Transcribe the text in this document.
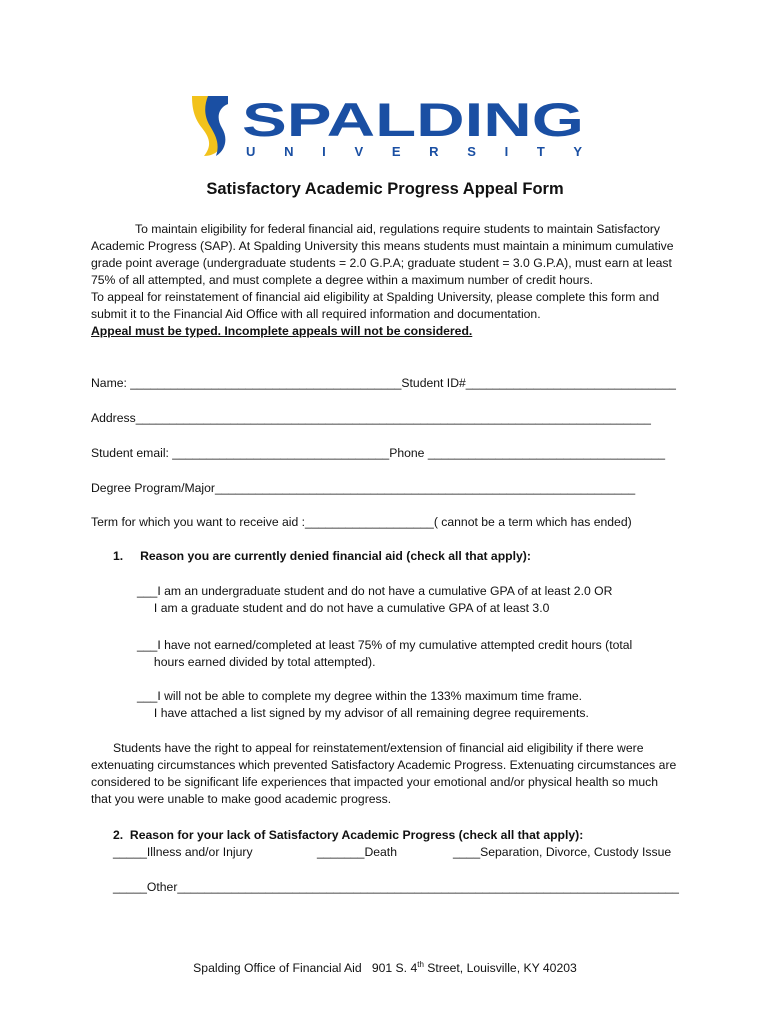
SPALDING
U N I V E R S I T Y
Satisfactory Academic Progress Appeal Form
To maintain eligibility for federal financial aid, regulations require students to maintain Satisfactory Academic Progress (SAP). At Spalding University this means students must maintain a minimum cumulative grade point average (undergraduate students = 2.0 G.P.A; graduate student = 3.0 G.P.A), must earn at least 75% of all attempted, and must complete a degree within a maximum number of credit hours.
To appeal for reinstatement of financial aid eligibility at Spalding University, please complete this form and submit it to the Financial Aid Office with all required information and documentation.
Appeal must be typed. Incomplete appeals will not be considered.
Name: ________________________________________Student ID#_______________________________
Address____________________________________________________________________________
Student email: ________________________________Phone ___________________________________
Degree Program/Major______________________________________________________________
Term for which you want to receive aid :___________________( cannot be a term which has ended)
1.     Reason you are currently denied financial aid (check all that apply):
___I am an undergraduate student and do not have a cumulative GPA of at least 2.0 OR
I am a graduate student and do not have a cumulative GPA of at least 3.0
___I have not earned/completed at least 75% of my cumulative attempted credit hours (total
hours earned divided by total attempted).
___I will not be able to complete my degree within the 133% maximum time frame.
I have attached a list signed by my advisor of all remaining degree requirements.
Students have the right to appeal for reinstatement/extension of financial aid eligibility if there were extenuating circumstances which prevented Satisfactory Academic Progress. Extenuating circumstances are considered to be significant life experiences that impacted your emotional and/or physical health so much that you were unable to make good academic progress.
2.  Reason for your lack of Satisfactory Academic Progress (check all that apply):
_____Illness and/or Injury	_______Death	____Separation, Divorce, Custody Issue
_____Other__________________________________________________________________________
Spalding Office of Financial Aid 901 S. 4th Street, Louisville, KY 40203
